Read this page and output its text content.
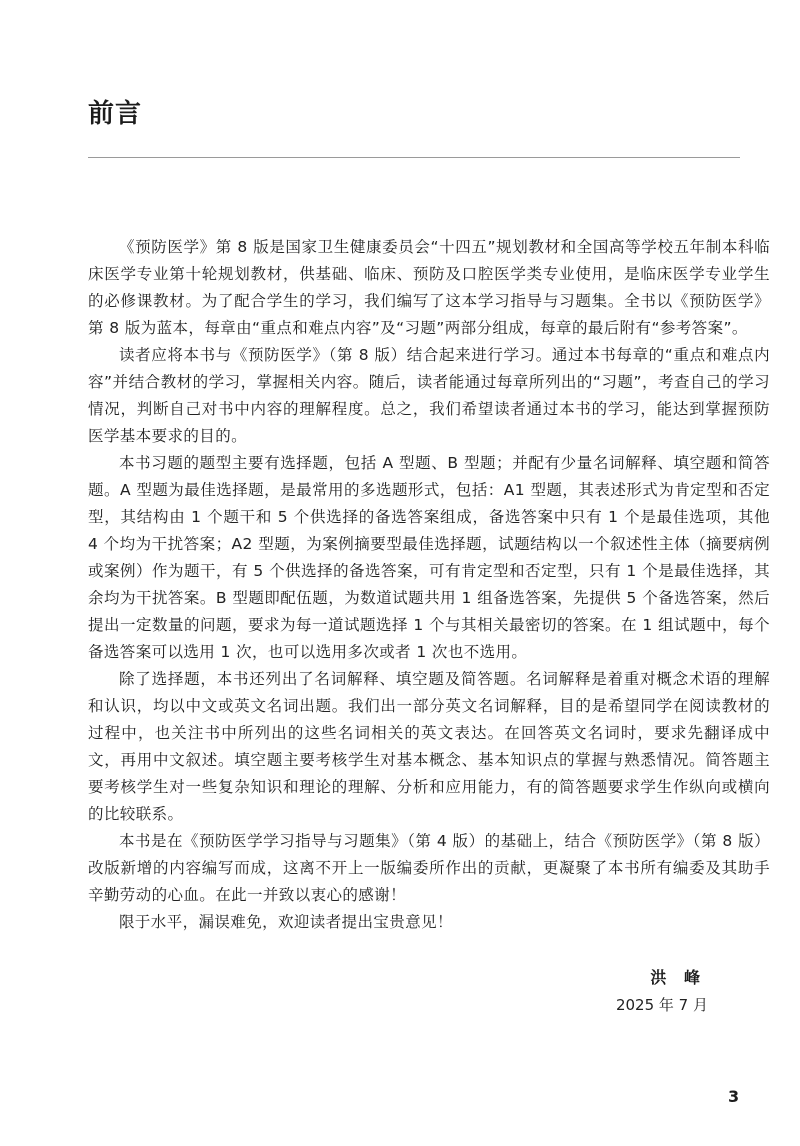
前言

《预防医学》第 8 版是国家卫生健康委员会“十四五”规划教材和全国高等学校五年制本科临床医学专业第十轮规划教材，供基础、临床、预防及口腔医学类专业使用，是临床医学专业学生的必修课教材。为了配合学生的学习，我们编写了这本学习指导与习题集。全书以《预防医学》第 8 版为蓝本，每章由“重点和难点内容”及“习题”两部分组成，每章的最后附有“参考答案”。

读者应将本书与《预防医学》（第 8 版）结合起来进行学习。通过本书每章的“重点和难点内容”并结合教材的学习，掌握相关内容。随后，读者能通过每章所列出的“习题”，考查自己的学习情况，判断自己对书中内容的理解程度。总之，我们希望读者通过本书的学习，能达到掌握预防医学基本要求的目的。

本书习题的题型主要有选择题，包括 A 型题、B 型题；并配有少量名词解释、填空题和简答题。A 型题为最佳选择题，是最常用的多选题形式，包括：A1 型题，其表述形式为肯定型和否定型，其结构由 1 个题干和 5 个供选择的备选答案组成，备选答案中只有 1 个是最佳选项，其他 4 个均为干扰答案；A2 型题，为案例摘要型最佳选择题，试题结构以一个叙述性主体（摘要病例或案例）作为题干，有 5 个供选择的备选答案，可有肯定型和否定型，只有 1 个是最佳选择，其余均为干扰答案。B 型题即配伍题，为数道试题共用 1 组备选答案，先提供 5 个备选答案，然后提出一定数量的问题，要求为每一道试题选择 1 个与其相关最密切的答案。在 1 组试题中，每个备选答案可以选用 1 次，也可以选用多次或者 1 次也不选用。

除了选择题，本书还列出了名词解释、填空题及简答题。名词解释是着重对概念术语的理解和认识，均以中文或英文名词出题。我们出一部分英文名词解释，目的是希望同学在阅读教材的过程中，也关注书中所列出的这些名词相关的英文表达。在回答英文名词时，要求先翻译成中文，再用中文叙述。填空题主要考核学生对基本概念、基本知识点的掌握与熟悉情况。简答题主要考核学生对一些复杂知识和理论的理解、分析和应用能力，有的简答题要求学生作纵向或横向的比较联系。

本书是在《预防医学学习指导与习题集》（第 4 版）的基础上，结合《预防医学》（第 8 版）改版新增的内容编写而成，这离不开上一版编委所作出的贡献，更凝聚了本书所有编委及其助手辛勤劳动的心血。在此一并致以衷心的感谢！

限于水平，漏误难免，欢迎读者提出宝贵意见！

洪 峰
2025 年 7 月
3
